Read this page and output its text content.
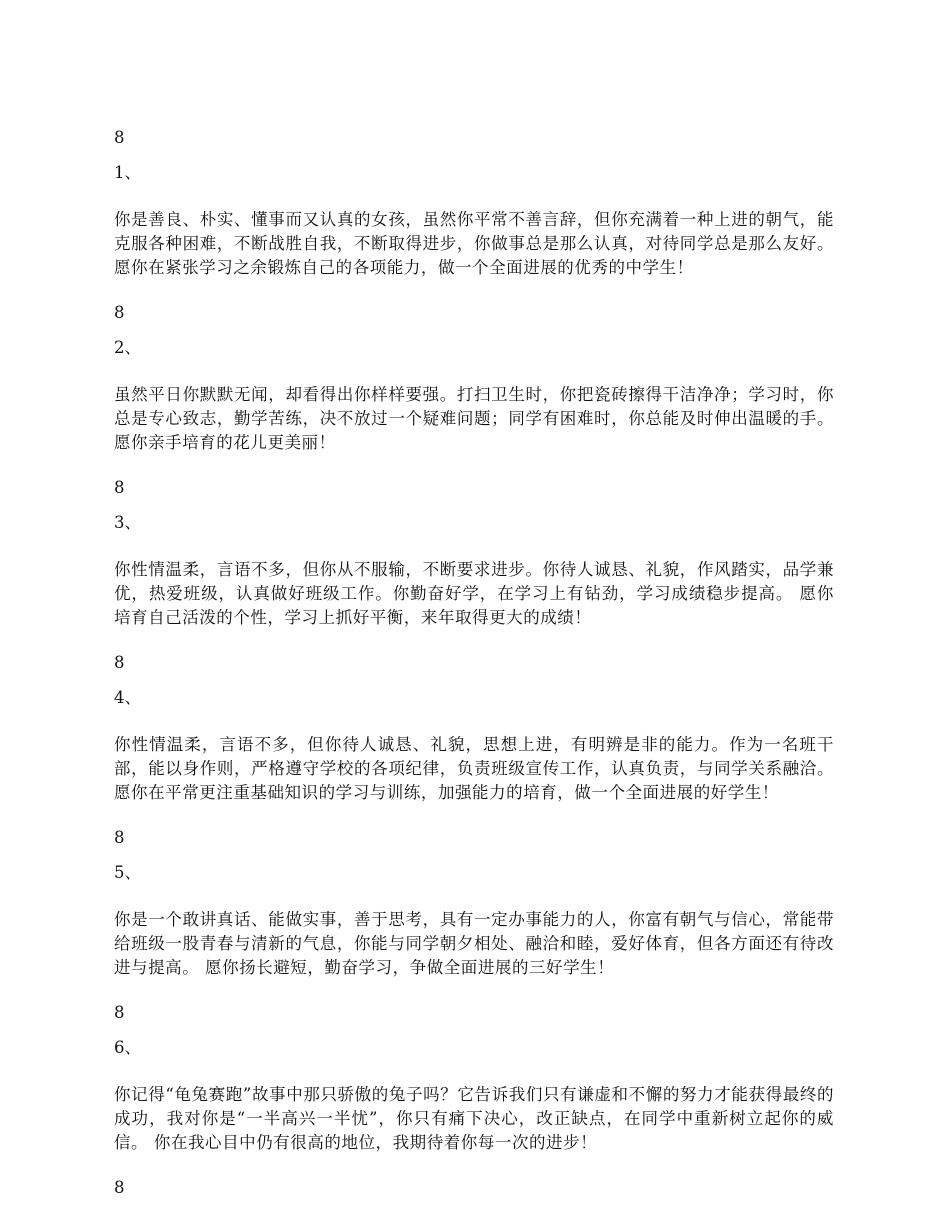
8

1、

你是善良、朴实、懂事而又认真的女孩，虽然你平常不善言辞，但你充满着一种上进的朝气，能克服各种困难，不断战胜自我，不断取得进步，你做事总是那么认真，对待同学总是那么友好。愿你在紧张学习之余锻炼自己的各项能力，做一个全面进展的优秀的中学生！

8

2、

虽然平日你默默无闻，却看得出你样样要强。打扫卫生时，你把瓷砖擦得干洁净净；学习时，你总是专心致志，勤学苦练，决不放过一个疑难问题；同学有困难时，你总能及时伸出温暖的手。愿你亲手培育的花儿更美丽！

8

3、

你性情温柔，言语不多，但你从不服输，不断要求进步。你待人诚恳、礼貌，作风踏实，品学兼优，热爱班级，认真做好班级工作。你勤奋好学，在学习上有钻劲，学习成绩稳步提高。 愿你培育自己活泼的个性，学习上抓好平衡，来年取得更大的成绩！

8

4、

你性情温柔，言语不多，但你待人诚恳、礼貌，思想上进，有明辨是非的能力。作为一名班干部，能以身作则，严格遵守学校的各项纪律，负责班级宣传工作，认真负责，与同学关系融洽。 愿你在平常更注重基础知识的学习与训练，加强能力的培育，做一个全面进展的好学生！

8

5、

你是一个敢讲真话、能做实事，善于思考，具有一定办事能力的人，你富有朝气与信心，常能带给班级一股青春与清新的气息，你能与同学朝夕相处、融洽和睦，爱好体育，但各方面还有待改进与提高。 愿你扬长避短，勤奋学习，争做全面进展的三好学生！

8

6、

你记得“龟兔赛跑”故事中那只骄傲的兔子吗？它告诉我们只有谦虚和不懈的努力才能获得最终的成功，我对你是“一半高兴一半忧”，你只有痛下决心，改正缺点，在同学中重新树立起你的威信。 你在我心目中仍有很高的地位，我期待着你每一次的进步！

8
